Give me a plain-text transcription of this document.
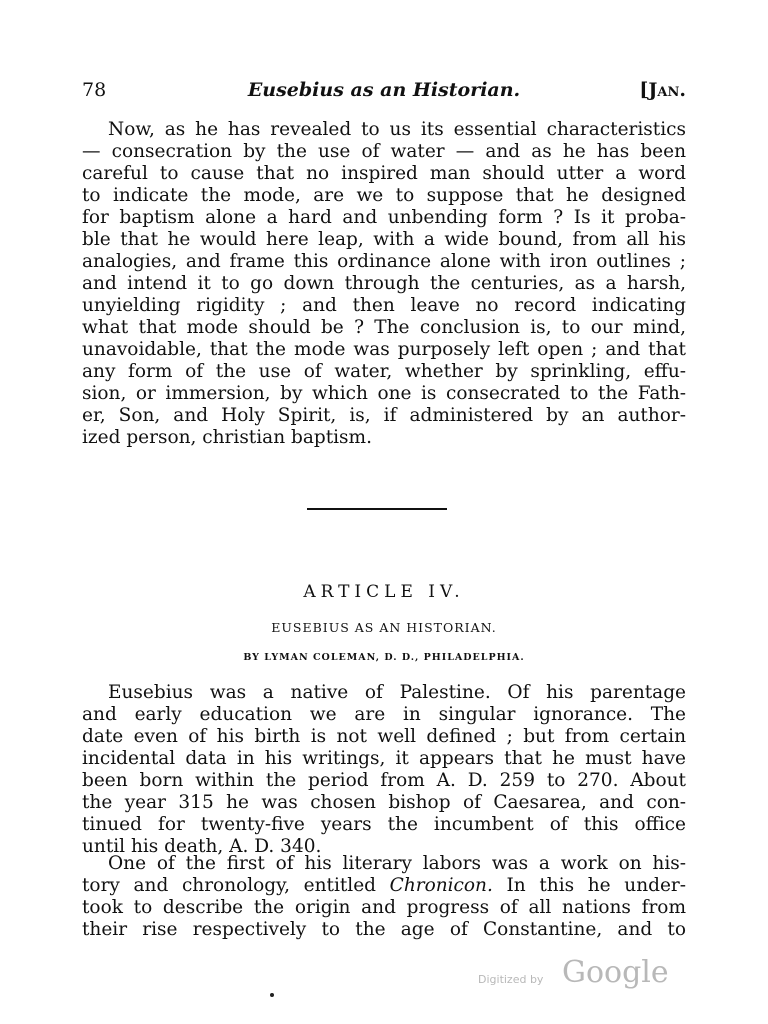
78	Eusebius as an Historian.	[Jan.
Now, as he has revealed to us its essential characteristics
— consecration by the use of water — and as he has been
careful to cause that no inspired man should utter a word
to indicate the mode, are we to suppose that he designed
for baptism alone a hard and unbending form ? Is it proba-
ble that he would here leap, with a wide bound, from all his
analogies, and frame this ordinance alone with iron outlines ;
and intend it to go down through the centuries, as a harsh,
unyielding rigidity ; and then leave no record indicating
what that mode should be ? The conclusion is, to our mind,
unavoidable, that the mode was purposely left open ; and that
any form of the use of water, whether by sprinkling, effu-
sion, or immersion, by which one is consecrated to the Fath-
er, Son, and Holy Spirit, is, if administered by an author-
ized person, christian baptism.
ARTICLE IV.
EUSEBIUS AS AN HISTORIAN.
BY LYMAN COLEMAN, D. D., PHILADELPHIA.
Eusebius was a native of Palestine. Of his parentage
and early education we are in singular ignorance. The
date even of his birth is not well defined ; but from certain
incidental data in his writings, it appears that he must have
been born within the period from A. D. 259 to 270. About
the year 315 he was chosen bishop of Caesarea, and con-
tinued for twenty-five years the incumbent of this office
until his death, A. D. 340.
One of the first of his literary labors was a work on his-
tory and chronology, entitled Chronicon. In this he under-
took to describe the origin and progress of all nations from
their rise respectively to the age of Constantine, and to
Digitized by Google
